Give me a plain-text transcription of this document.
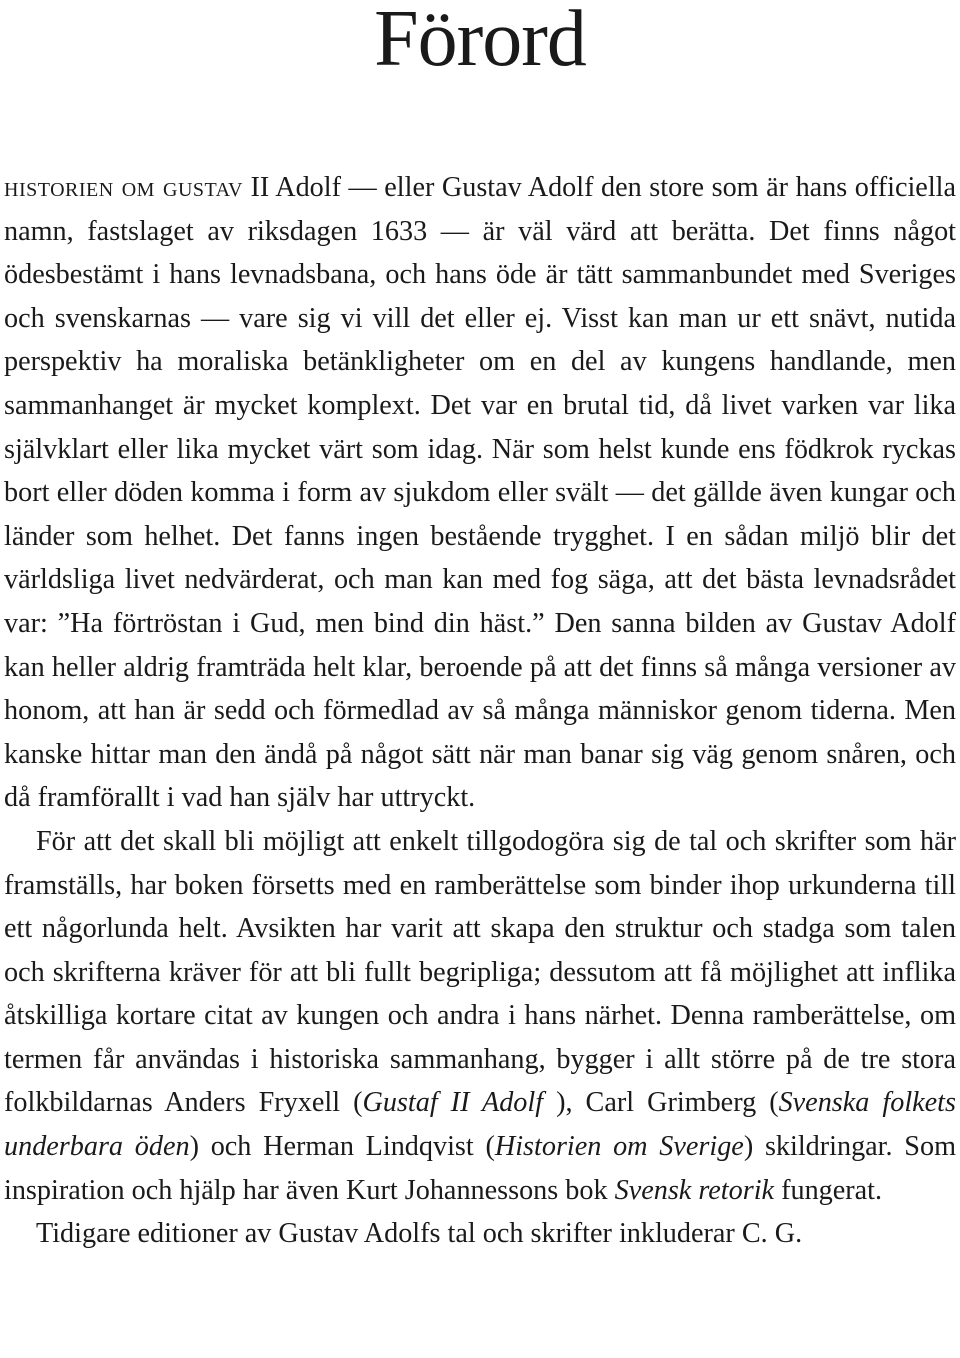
Förord

historien om gustav II Adolf — eller Gustav Adolf den store som är hans officiella namn, fastslaget av riksdagen 1633 — är väl värd att berätta. Det finns något ödesbestämt i hans levnadsbana, och hans öde är tätt sammanbundet med Sveriges och svenskarnas — vare sig vi vill det eller ej. Visst kan man ur ett snävt, nutida perspektiv ha moraliska betänkligheter om en del av kungens handlande, men sammanhanget är mycket komplext. Det var en brutal tid, då livet varken var lika självklart eller lika mycket värt som idag. När som helst kunde ens födkrok ryckas bort eller döden komma i form av sjukdom eller svält — det gällde även kungar och länder som helhet. Det fanns ingen bestående trygghet. I en sådan miljö blir det världsliga livet nedvärderat, och man kan med fog säga, att det bästa levnadsrådet var: ”Ha förtröstan i Gud, men bind din häst.” Den sanna bilden av Gustav Adolf kan heller aldrig framträda helt klar, beroende på att det finns så många versioner av honom, att han är sedd och förmedlad av så många människor genom tiderna. Men kanske hittar man den ändå på något sätt när man banar sig väg genom snåren, och då framförallt i vad han själv har uttryckt.

För att det skall bli möjligt att enkelt tillgodogöra sig de tal och skrifter som här framställs, har boken försetts med en ramberättelse som binder ihop urkunderna till ett någorlunda helt. Avsikten har varit att skapa den struktur och stadga som talen och skrifterna kräver för att bli fullt begripliga; dessutom att få möjlighet att inflika åtskilliga kortare citat av kungen och andra i hans närhet. Denna ramberättelse, om termen får användas i historiska sammanhang, bygger i allt större på de tre stora folkbildarnas Anders Fryxell (Gustaf II Adolf ), Carl Grimberg (Svenska folkets underbara öden) och Herman Lindqvist (Historien om Sverige) skildringar. Som inspiration och hjälp har även Kurt Johannessons bok Svensk retorik fungerat.

Tidigare editioner av Gustav Adolfs tal och skrifter inkluderar C. G.
